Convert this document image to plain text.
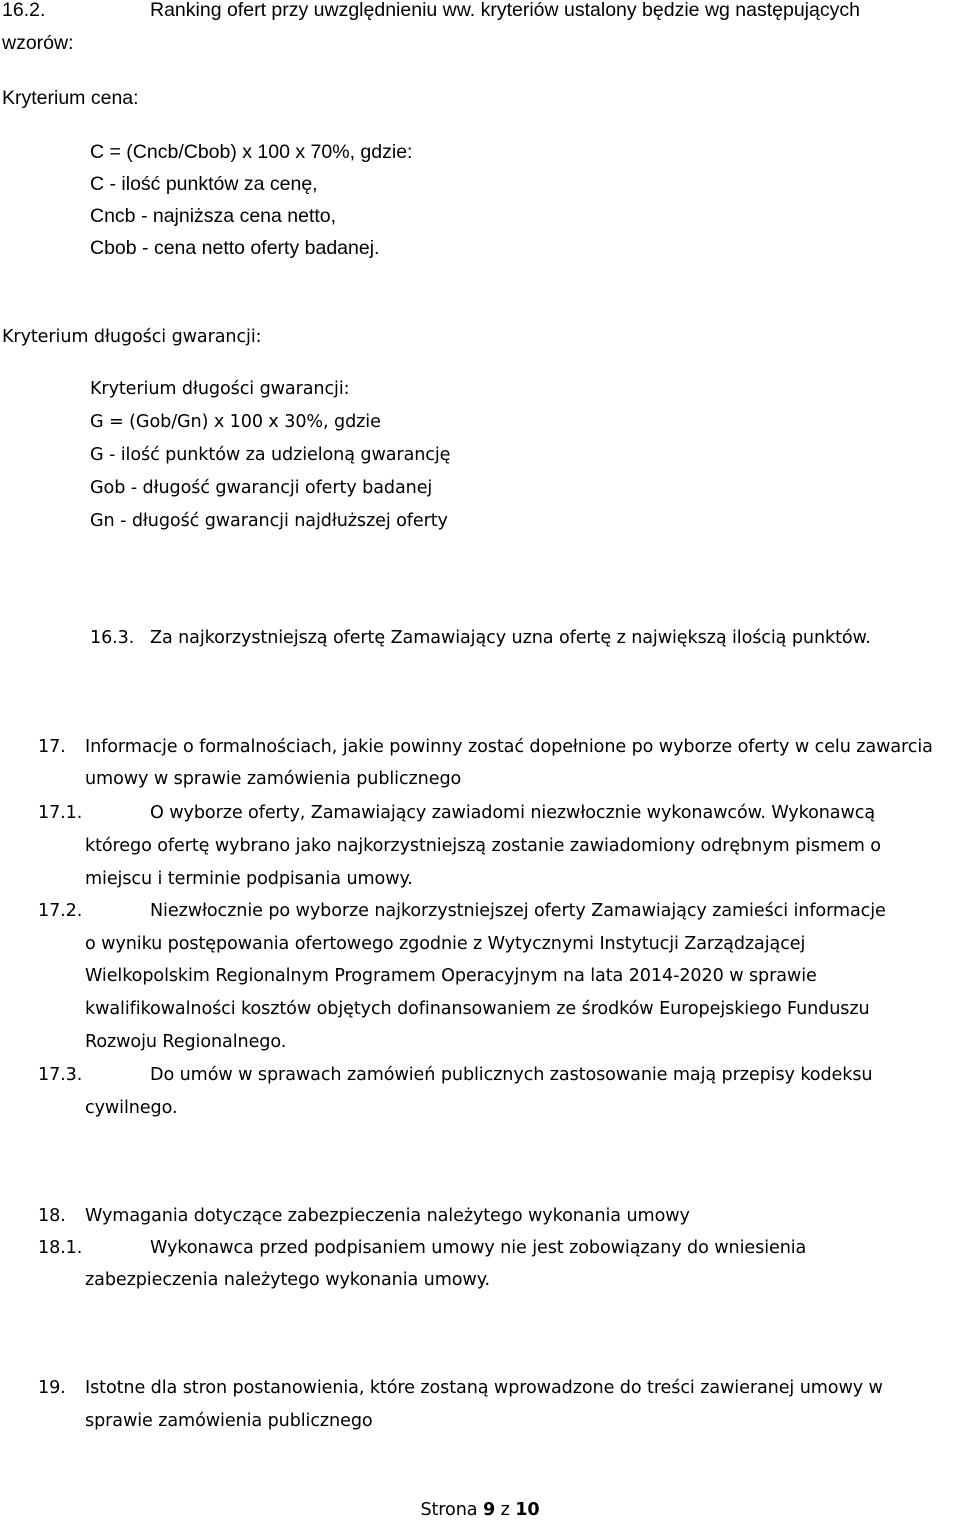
16.2.	Ranking ofert przy uwzględnieniu ww. kryteriów ustalony będzie wg następujących
wzorów:
Kryterium cena:
C = (Cncb/Cbob) x 100 x 70%, gdzie:
C - ilość punktów za cenę,
Cncb - najniższa cena netto,
Cbob - cena netto oferty badanej.
Kryterium długości gwarancji:
Kryterium długości gwarancji:
G = (Gob/Gn) x 100 x 30%, gdzie
G - ilość punktów za udzieloną gwarancję
Gob - długość gwarancji oferty badanej
Gn - długość gwarancji najdłuższej oferty
16.3. Za najkorzystniejszą ofertę Zamawiający uzna ofertę z największą ilością punktów.
17. Informacje o formalnościach, jakie powinny zostać dopełnione po wyborze oferty w celu zawarcia
umowy w sprawie zamówienia publicznego
17.1.	O wyborze oferty, Zamawiający zawiadomi niezwłocznie wykonawców. Wykonawcą
którego ofertę wybrano jako najkorzystniejszą zostanie zawiadomiony odrębnym pismem o
miejscu i terminie podpisania umowy.
17.2.	Niezwłocznie po wyborze najkorzystniejszej oferty Zamawiający zamieści informacje
o wyniku postępowania ofertowego zgodnie z Wytycznymi Instytucji Zarządzającej
Wielkopolskim Regionalnym Programem Operacyjnym na lata 2014-2020 w sprawie
kwalifikowalności kosztów objętych dofinansowaniem ze środków Europejskiego Funduszu
Rozwoju Regionalnego.
17.3.	Do umów w sprawach zamówień publicznych zastosowanie mają przepisy kodeksu
cywilnego.
18. Wymagania dotyczące zabezpieczenia należytego wykonania umowy
18.1.	Wykonawca przed podpisaniem umowy nie jest zobowiązany do wniesienia
zabezpieczenia należytego wykonania umowy.
19. Istotne dla stron postanowienia, które zostaną wprowadzone do treści zawieranej umowy w
sprawie zamówienia publicznego
Strona 9 z 10
